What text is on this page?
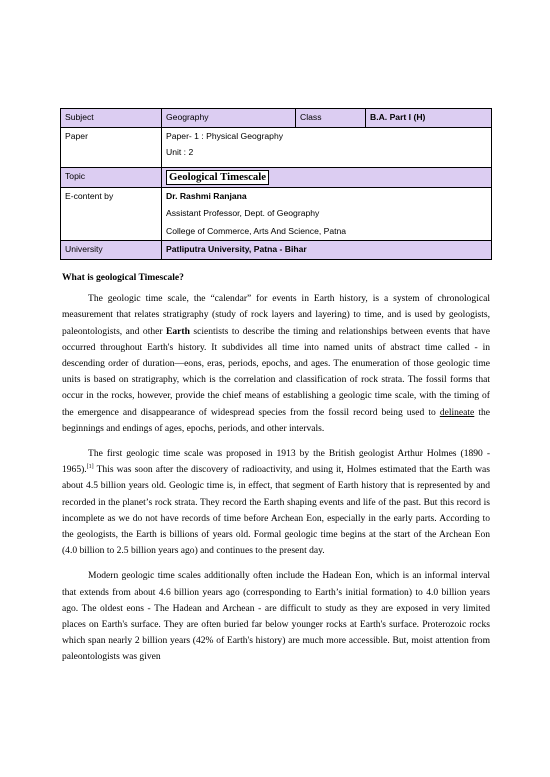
Subject	Geography	Class	B.A. Part I (H)
Paper	Paper- 1 : Physical Geography
Unit : 2		

Topic	Geological Timescale		
E-content by	Dr. Rashmi Ranjana
Assistant Professor, Dept. of Geography
College of Commerce, Arts And Science, Patna		

University	Patliputra University, Patna - Bihar		
What is geological Timescale?

The geologic time scale, the “calendar” for events in Earth history, is a system of chronological measurement that relates stratigraphy (study of rock layers and layering) to time, and is used by geologists, paleontologists, and other Earth scientists to describe the timing and relationships between events that have occurred throughout Earth's history. It subdivides all time into named units of abstract time called - in descending order of duration—eons, eras, periods, epochs, and ages. The enumeration of those geologic time units is based on stratigraphy, which is the correlation and classification of rock strata. The fossil forms that occur in the rocks, however, provide the chief means of establishing a geologic time scale, with the timing of the emergence and disappearance of widespread species from the fossil record being used to delineate the beginnings and endings of ages, epochs, periods, and other intervals.

The first geologic time scale was proposed in 1913 by the British geologist Arthur Holmes (1890 - 1965).[1] This was soon after the discovery of radioactivity, and using it, Holmes estimated that the Earth was about 4.5 billion years old. Geologic time is, in effect, that segment of Earth history that is represented by and recorded in the planet’s rock strata. They record the Earth shaping events and life of the past. But this record is incomplete as we do not have records of time before Archean Eon, especially in the early parts. According to the geologists, the Earth is billions of years old. Formal geologic time begins at the start of the Archean Eon (4.0 billion to 2.5 billion years ago) and continues to the present day.

Modern geologic time scales additionally often include the Hadean Eon, which is an informal interval that extends from about 4.6 billion years ago (corresponding to Earth’s initial formation) to 4.0 billion years ago. The oldest eons - The Hadean and Archean - are difficult to study as they are exposed in very limited places on Earth's surface. They are often buried far below younger rocks at Earth's surface. Proterozoic rocks which span nearly 2 billion years (42% of Earth's history) are much more accessible. But, moist attention from paleontologists was given
